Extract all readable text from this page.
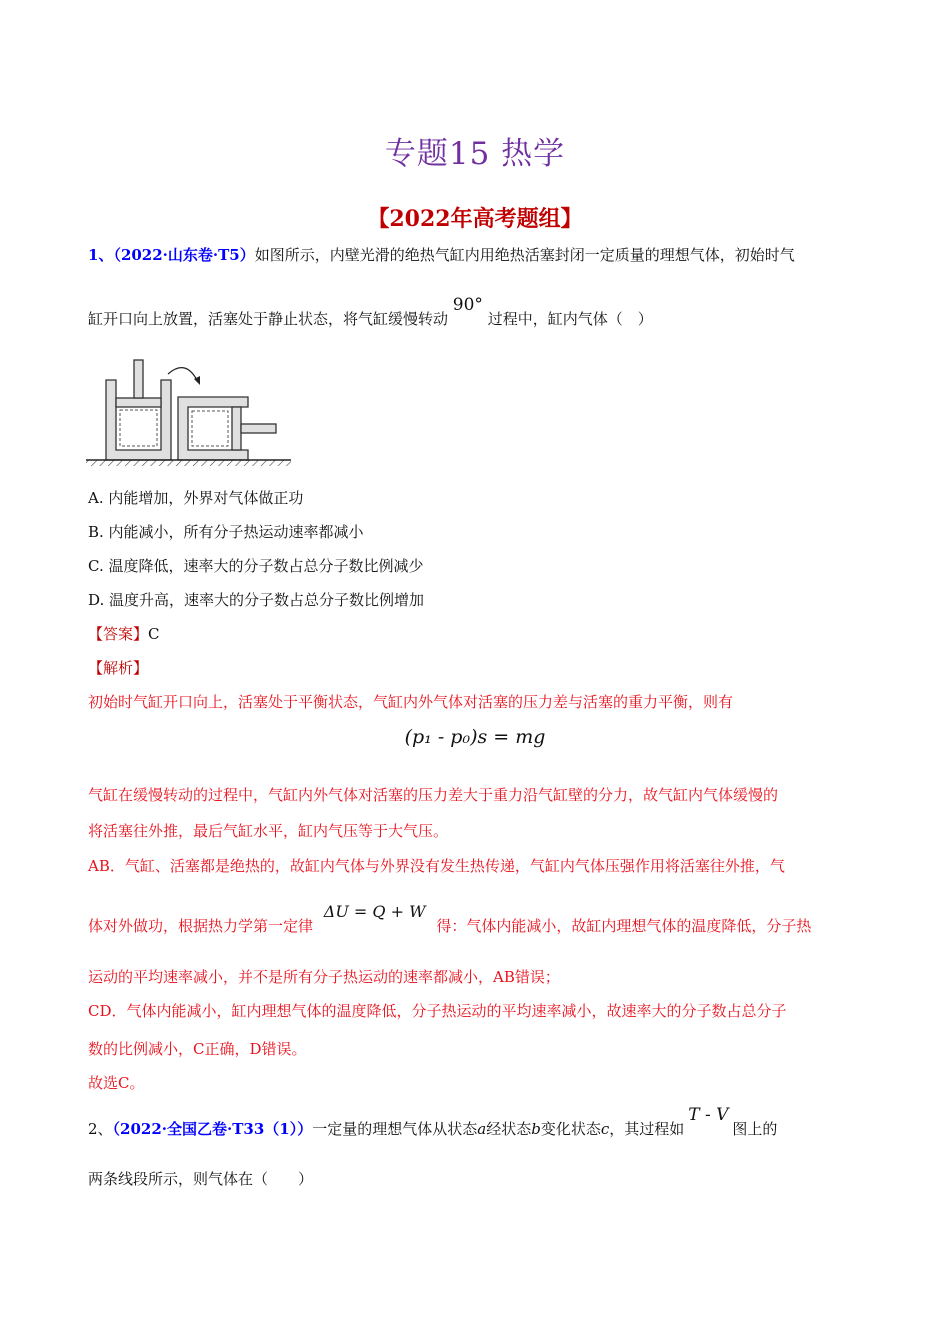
专题15 热学
【2022年高考题组】
1、（2022·山东卷·T5）如图所示，内壁光滑的绝热气缸内用绝热活塞封闭一定质量的理想气体，初始时气
缸开口向上放置，活塞处于静止状态，将气缸缓慢转动 90° 过程中，缸内气体（　）
A. 内能增加，外界对气体做正功
B. 内能减小，所有分子热运动速率都减小
C. 温度降低，速率大的分子数占总分子数比例减少
D. 温度升高，速率大的分子数占总分子数比例增加
【答案】C
【解析】
初始时气缸开口向上，活塞处于平衡状态，气缸内外气体对活塞的压力差与活塞的重力平衡，则有
(p₁ - p₀)s = mg
气缸在缓慢转动的过程中，气缸内外气体对活塞的压力差大于重力沿气缸壁的分力，故气缸内气体缓慢的
将活塞往外推，最后气缸水平，缸内气压等于大气压。
AB．气缸、活塞都是绝热的，故缸内气体与外界没有发生热传递，气缸内气体压强作用将活塞往外推，气
体对外做功，根据热力学第一定律 ΔU = Q + W 得：气体内能减小，故缸内理想气体的温度降低，分子热
运动的平均速率减小，并不是所有分子热运动的速率都减小，AB错误；
CD．气体内能减小，缸内理想气体的温度降低，分子热运动的平均速率减小，故速率大的分子数占总分子
数的比例减小，C正确，D错误。
故选C。
2、（2022·全国乙卷·T33（1））一定量的理想气体从状态a经状态b变化状态c，其过程如T - V图上的
两条线段所示，则气体在（　　）
